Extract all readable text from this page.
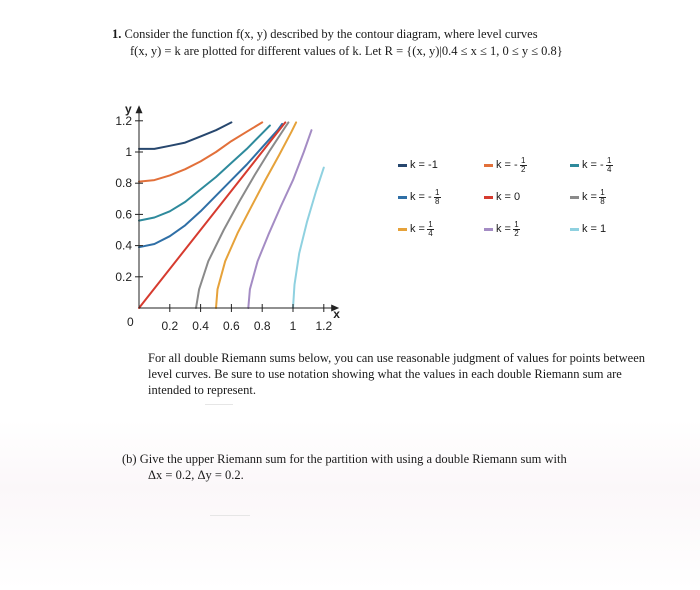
1. Consider the function f(x, y) described by the contour diagram, where level curves
f(x, y) = k are plotted for different values of k. Let R = {(x, y)|0.4 ≤ x ≤ 1, 0 ≤ y ≤ 0.8}
x
y
0 0.2 0.4 0.6 0.8 1 1.2
0.2
0.4
0.6
0.8
1
1.2
k = -1	k = - $\frac{1}{2}$	k = - $\frac{1}{4}$
k = - $\frac{1}{8}$	k = 0	$k = \frac{1}{8}$
$k = \frac{1}{4}$	$k = \frac{1}{2}$	k = 1
For all double Riemann sums below, you can use reasonable judgment of values for points between level curves. Be sure to use notation showing what the values in each double Riemann sum are intended to represent.
(b) Give the upper Riemann sum for the partition with using a double Riemann sum with
Δx = 0.2, Δy = 0.2.
